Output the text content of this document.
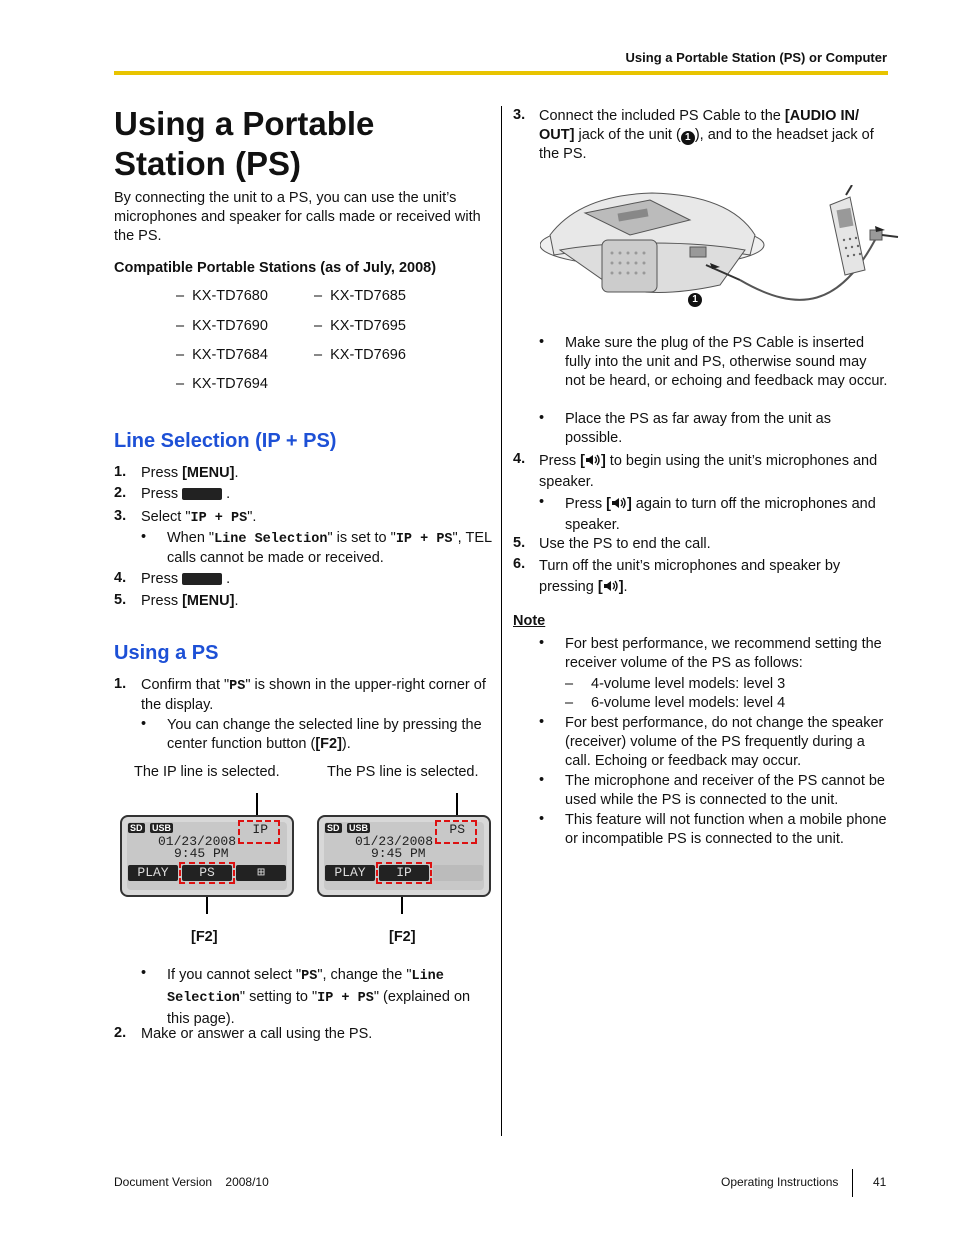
Using a Portable Station (PS) or Computer
Using a Portable Station (PS)
By connecting the unit to a PS, you can use the unit’s microphones and speaker for calls made or received with the PS.
Compatible Portable Stations (as of July, 2008)
–  KX-TD7680	–  KX-TD7685
–  KX-TD7690	–  KX-TD7695
–  KX-TD7684	–  KX-TD7696
–  KX-TD7694
Line Selection (IP + PS)
1. Press [MENU].
2. Press	.
3. Select "IP + PS".
• When "Line Selection" is set to "IP + PS", TEL calls cannot be made or received.
4. Press	.
5. Press [MENU].
Using a PS
1. Confirm that "PS" is shown in the upper-right corner of the display.
• You can change the selected line by pressing the center function button ([F2]).
The IP line is selected.	The PS line is selected.
SD USB	IP
01/23/2008
9:45 PM
PLAY	PS	⊞
SD USB	PS
01/23/2008
9:45 PM
PLAY	IP
[F2]	[F2]
• If you cannot select "PS", change the "Line Selection" setting to "IP + PS" (explained on this page).
2. Make or answer a call using the PS.
3. Connect the included PS Cable to the [AUDIO IN/ OUT] jack of the unit ( 1 ), and to the headset jack of the PS.
1
• Make sure the plug of the PS Cable is inserted fully into the unit and PS, otherwise sound may not be heard, or echoing and feedback may occur.
• Place the PS as far away from the unit as possible.
4. Press [ ] to begin using the unit’s microphones and speaker.
• Press [ ] again to turn off the microphones and speaker.
5. Use the PS to end the call.
6. Turn off the unit’s microphones and speaker by pressing [ ].
Note
• For best performance, we recommend setting the receiver volume of the PS as follows:
– 4-volume level models: level 3
– 6-volume level models: level 4
• For best performance, do not change the speaker (receiver) volume of the PS frequently during a call. Echoing or feedback may occur.
• The microphone and receiver of the PS cannot be used while the PS is connected to the unit.
• This feature will not function when a mobile phone or incompatible PS is connected to the unit.
Document Version 2008/10	Operating Instructions	41
